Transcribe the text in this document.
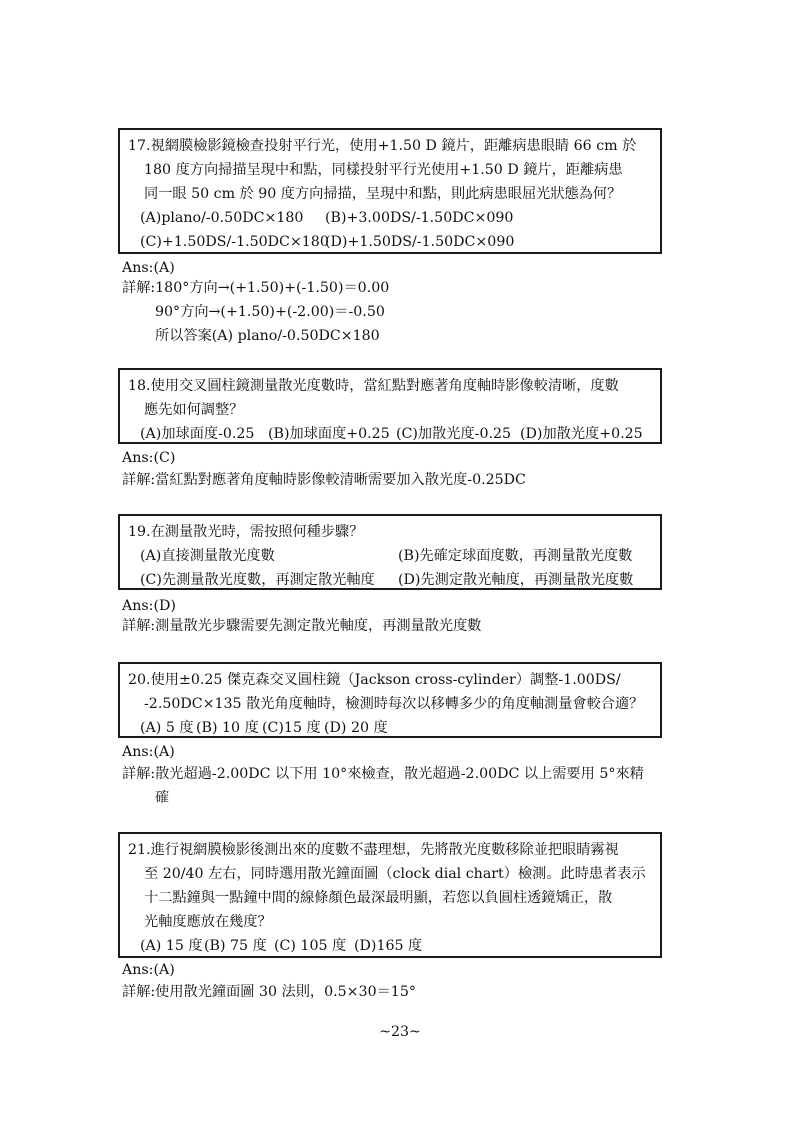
17.視網膜檢影鏡檢查投射平行光，使用+1.50 D 鏡片，距離病患眼睛 66 cm 於
180 度方向掃描呈現中和點，同樣投射平行光使用+1.50 D 鏡片，距離病患
同一眼 50 cm 於 90 度方向掃描，呈現中和點，則此病患眼屈光狀態為何？
(A)plano/-0.50DC×180	(B)+3.00DS/-1.50DC×090
(C)+1.50DS/-1.50DC×180
(D)+1.50DS/-1.50DC×090
Ans:(A)
詳解:180°方向→(+1.50)+(-1.50)＝0.00
90°方向→(+1.50)+(-2.00)＝-0.50
所以答案(A) plano/-0.50DC×180
18.使用交叉圓柱鏡測量散光度數時，當紅點對應著角度軸時影像較清晰，度數
應先如何調整？
(A)加球面度-0.25 (B)加球面度+0.25 (C)加散光度-0.25 (D)加散光度+0.25
Ans:(C)
詳解:當紅點對應著角度軸時影像較清晰需要加入散光度-0.25DC
19.在測量散光時，需按照何種步驟？
(A)直接測量散光度數	(B)先確定球面度數，再測量散光度數
(C)先測量散光度數，再測定散光軸度	(D)先測定散光軸度，再測量散光度數
Ans:(D)
詳解:測量散光步驟需要先測定散光軸度，再測量散光度數
20.使用±0.25 傑克森交叉圓柱鏡（Jackson cross-cylinder）調整-1.00DS/
-2.50DC×135 散光角度軸時，檢測時每次以移轉多少的角度軸測量會較合適？
(A) 5 度 (B) 10 度 (C)15 度 (D) 20 度
Ans:(A)
詳解:散光超過-2.00DC 以下用 10°來檢查，散光超過-2.00DC 以上需要用 5°來精
確
21.進行視網膜檢影後測出來的度數不盡理想，先將散光度數移除並把眼睛霧視
至 20/40 左右，同時選用散光鐘面圖（clock dial chart）檢測。此時患者表示
十二點鐘與一點鐘中間的線條顏色最深最明顯，若您以負圓柱透鏡矯正，散
光軸度應放在幾度？
(A) 15 度 (B) 75 度 (C) 105 度 (D)165 度
Ans:(A)
詳解:使用散光鐘面圖 30 法則，0.5×30＝15°
~23~
